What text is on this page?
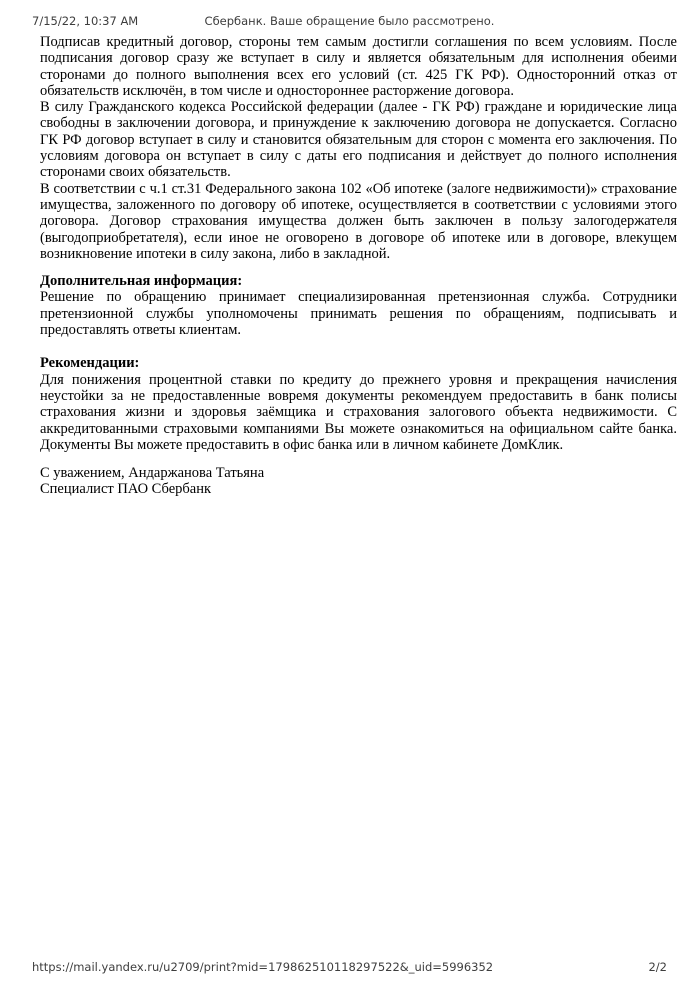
7/15/22, 10:37 AM	Сбербанк. Ваше обращение было рассмотрено.

Подписав кредитный договор, стороны тем самым достигли соглашения по всем условиям. После подписания договор сразу же вступает в силу и является обязательным для исполнения обеими сторонами до полного выполнения всех его условий (ст. 425 ГК РФ). Односторонний отказ от обязательств исключён, в том числе и одностороннее расторжение договора.

В силу Гражданского кодекса Российской федерации (далее - ГК РФ) граждане и юридические лица свободны в заключении договора, и принуждение к заключению договора не допускается. Согласно ГК РФ договор вступает в силу и становится обязательным для сторон с момента его заключения. По условиям договора он вступает в силу с даты его подписания и действует до полного исполнения сторонами своих обязательств.

В соответствии с ч.1 ст.31 Федерального закона 102 «Об ипотеке (залоге недвижимости)» страхование имущества, заложенного по договору об ипотеке, осуществляется в соответствии с условиями этого договора. Договор страхования имущества должен быть заключен в пользу залогодержателя (выгодоприобретателя), если иное не оговорено в договоре об ипотеке или в договоре, влекущем возникновение ипотеки в силу закона, либо в закладной.

Дополнительная информация:

Решение по обращению принимает специализированная претензионная служба. Сотрудники претензионной службы уполномочены принимать решения по обращениям, подписывать и предоставлять ответы клиентам.

Рекомендации:

Для понижения процентной ставки по кредиту до прежнего уровня и прекращения начисления неустойки за не предоставленные вовремя документы рекомендуем предоставить в банк полисы страхования жизни и здоровья заёмщика и страхования залогового объекта недвижимости. С аккредитованными страховыми компаниями Вы можете ознакомиться на официальном сайте банка. Документы Вы можете предоставить в офис банка или в личном кабинете ДомКлик.

С уважением, Андаржанова Татьяна
Специалист ПАО Сбербанк
https://mail.yandex.ru/u2709/print?mid=179862510118297522&_uid=5996352	2/2
